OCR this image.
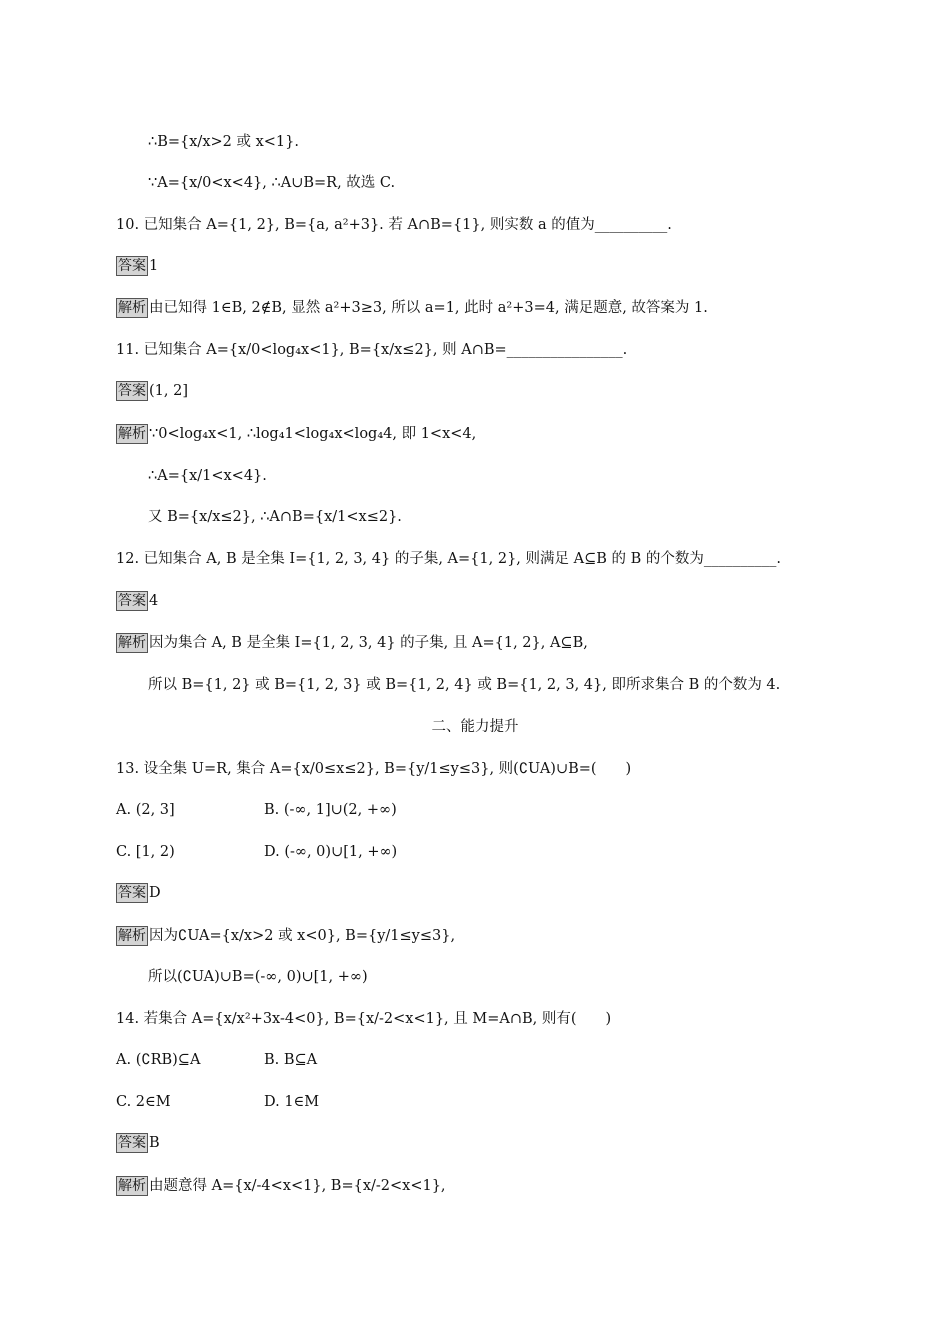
∴B={x/x>2 或 x<1}.
∵A={x/0<x<4}, ∴A∪B=R, 故选 C.
10. 已知集合 A={1, 2}, B={a, a²+3}. 若 A∩B={1}, 则实数 a 的值为__________.
答案 1
解析 由已知得 1∈B, 2∉B, 显然 a²+3≥3, 所以 a=1, 此时 a²+3=4, 满足题意, 故答案为 1.
11. 已知集合 A={x/0<log₄x<1}, B={x/x≤2}, 则 A∩B=________________.
答案 (1, 2]
解析 ∵0<log₄x<1, ∴log₄1<log₄x<log₄4, 即 1<x<4,
∴A={x/1<x<4}.
又 B={x/x≤2}, ∴A∩B={x/1<x≤2}.
12. 已知集合 A, B 是全集 I={1, 2, 3, 4} 的子集, A={1, 2}, 则满足 A⊆B 的 B 的个数为__________.
答案 4
解析 因为集合 A, B 是全集 I={1, 2, 3, 4} 的子集, 且 A={1, 2}, A⊆B,
所以 B={1, 2} 或 B={1, 2, 3} 或 B={1, 2, 4} 或 B={1, 2, 3, 4}, 即所求集合 B 的个数为 4.
二、能力提升
13. 设全集 U=R, 集合 A={x/0≤x≤2}, B={y/1≤y≤3}, 则(∁UA)∪B=(　　)
A. (2, 3]	B. (-∞, 1]∪(2, +∞)
C. [1, 2)	D. (-∞, 0)∪[1, +∞)
答案 D
解析 因为∁UA={x/x>2 或 x<0}, B={y/1≤y≤3},
所以(∁UA)∪B=(-∞, 0)∪[1, +∞)
14. 若集合 A={x/x²+3x-4<0}, B={x/-2<x<1}, 且 M=A∩B, 则有(　　)
A. (∁RB)⊆A	B. B⊆A
C. 2∈M	D. 1∈M
答案 B
解析 由题意得 A={x/-4<x<1}, B={x/-2<x<1},
